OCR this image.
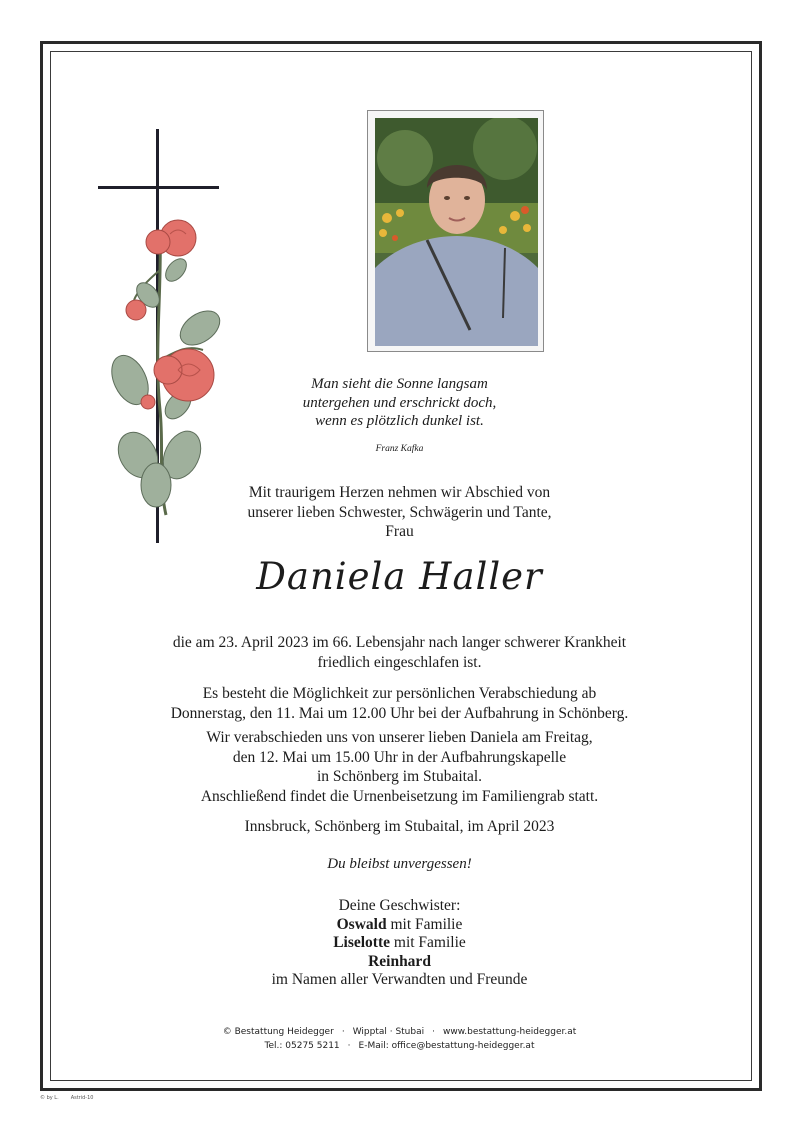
Man sieht die Sonne langsam
untergehen und erschrickt doch,
wenn es plötzlich dunkel ist.
Franz Kafka
Mit traurigem Herzen nehmen wir Abschied von
unserer lieben Schwester, Schwägerin und Tante,
Frau
Daniela Haller
die am 23. April 2023 im 66. Lebensjahr nach langer schwerer Krankheit
friedlich eingeschlafen ist.
Es besteht die Möglichkeit zur persönlichen Verabschiedung ab
Donnerstag, den 11. Mai um 12.00 Uhr bei der Aufbahrung in Schönberg.
Wir verabschieden uns von unserer lieben Daniela am Freitag,
den 12. Mai um 15.00 Uhr in der Aufbahrungskapelle
in Schönberg im Stubaital.
Anschließend findet die Urnenbeisetzung im Familiengrab statt.
Innsbruck, Schönberg im Stubaital, im April 2023
Du bleibst unvergessen!
Deine Geschwister:
Oswald mit Familie
Liselotte mit Familie
Reinhard
im Namen aller Verwandten und Freunde
© Bestattung Heidegger · Wipptal · Stubai · www.bestattung-heidegger.at
Tel.: 05275 5211 · E-Mail: office@bestattung-heidegger.at
© by L. Astrid-10
